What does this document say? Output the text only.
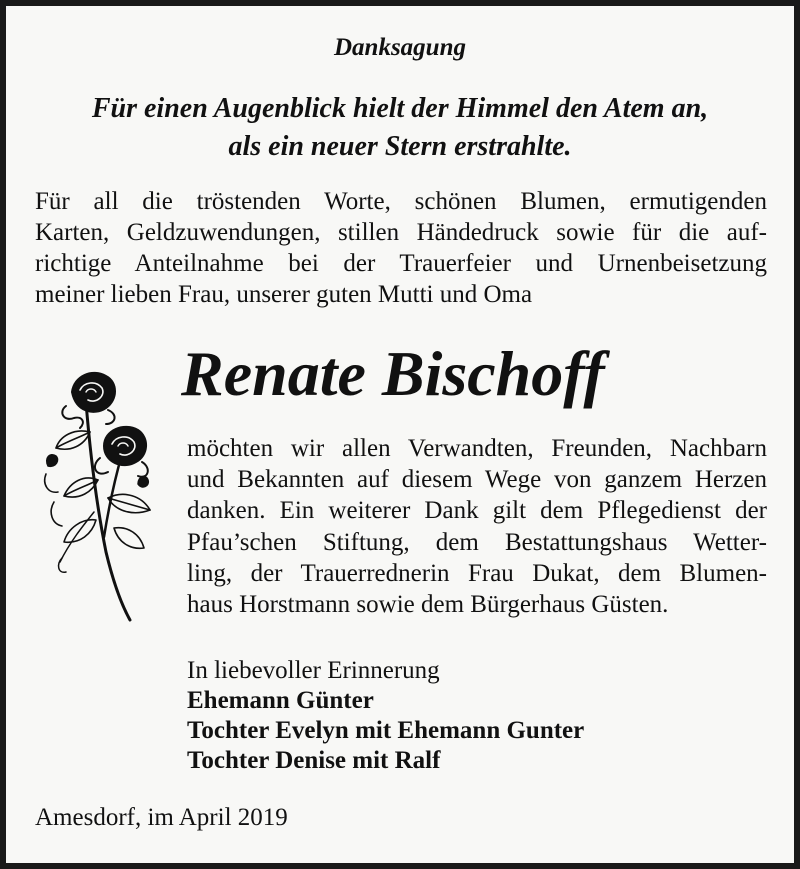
Danksagung
Für einen Augenblick hielt der Himmel den Atem an,
als ein neuer Stern erstrahlte.
Für all die tröstenden Worte, schönen Blumen, ermutigenden
Karten, Geldzuwendungen, stillen Händedruck sowie für die auf-
richtige Anteilnahme bei der Trauerfeier und Urnenbeisetzung
meiner lieben Frau, unserer guten Mutti und Oma
Renate Bischoff
möchten wir allen Verwandten, Freunden, Nachbarn
und Bekannten auf diesem Wege von ganzem Herzen
danken. Ein weiterer Dank gilt dem Pflegedienst der
Pfau’schen Stiftung, dem Bestattungshaus Wetter-
ling, der Trauerrednerin Frau Dukat, dem Blumen-
haus Horstmann sowie dem Bürgerhaus Güsten.
In liebevoller Erinnerung
Ehemann Günter
Tochter Evelyn mit Ehemann Gunter
Tochter Denise mit Ralf
Amesdorf, im April 2019
